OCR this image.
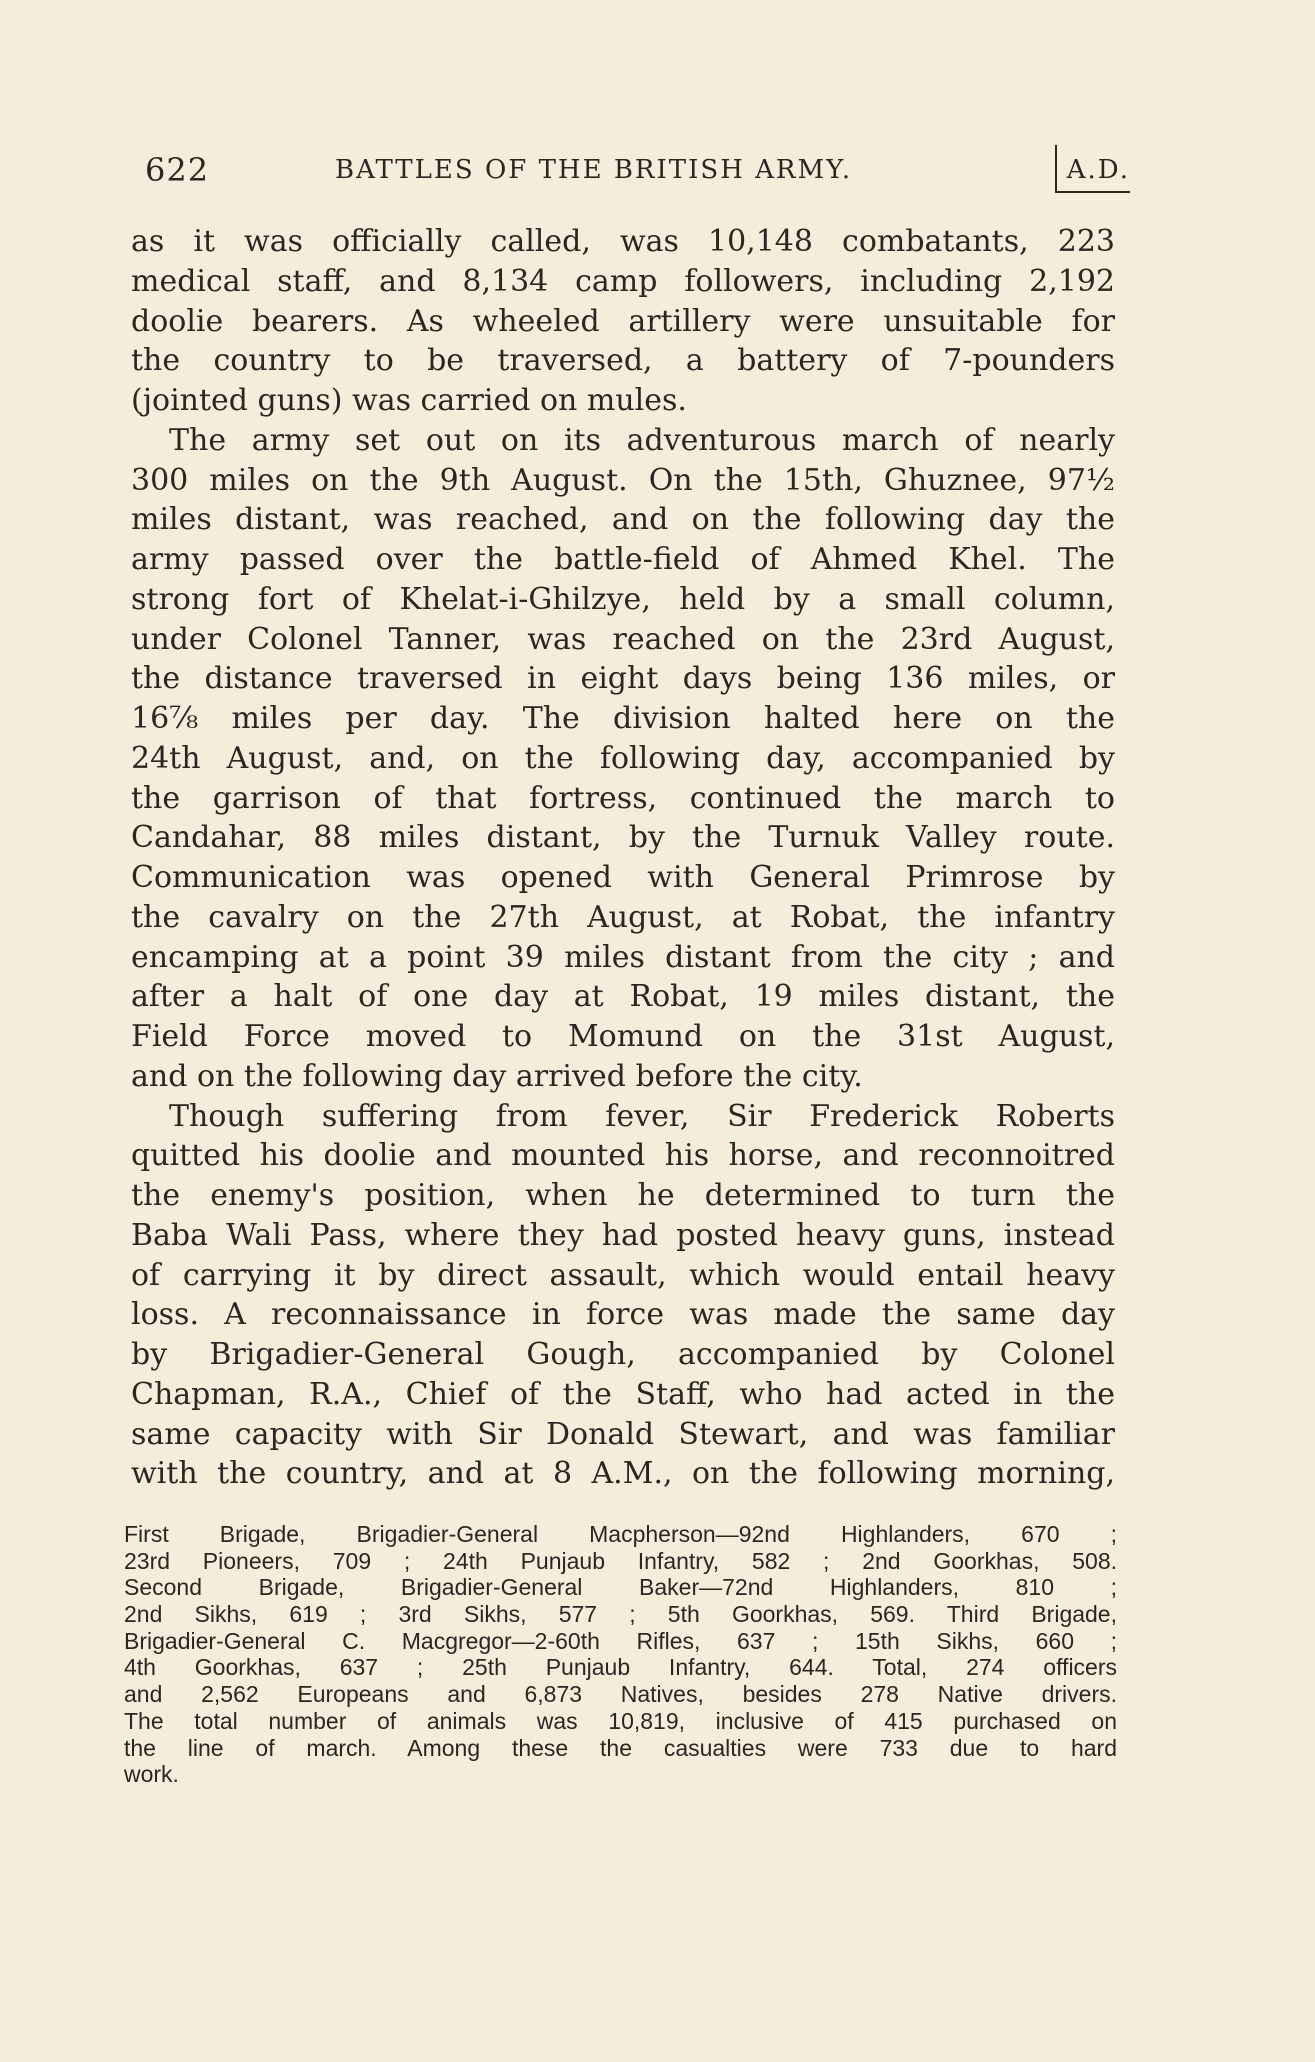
622	BATTLES OF THE BRITISH ARMY.	A.D.
as it was officially called, was 10,148 combatants, 223
medical staff, and 8,134 camp followers, including 2,192
doolie bearers. As wheeled artillery were unsuitable for
the country to be traversed, a battery of 7-pounders
(jointed guns) was carried on mules.
The army set out on its adventurous march of nearly
300 miles on the 9th August. On the 15th, Ghuznee, 97½
miles distant, was reached, and on the following day the
army passed over the battle-field of Ahmed Khel. The
strong fort of Khelat-i-Ghilzye, held by a small column,
under Colonel Tanner, was reached on the 23rd August,
the distance traversed in eight days being 136 miles, or
16⅞ miles per day. The division halted here on the
24th August, and, on the following day, accompanied by
the garrison of that fortress, continued the march to
Candahar, 88 miles distant, by the Turnuk Valley route.
Communication was opened with General Primrose by
the cavalry on the 27th August, at Robat, the infantry
encamping at a point 39 miles distant from the city ; and
after a halt of one day at Robat, 19 miles distant, the
Field Force moved to Momund on the 31st August,
and on the following day arrived before the city.
Though suffering from fever, Sir Frederick Roberts
quitted his doolie and mounted his horse, and reconnoitred
the enemy's position, when he determined to turn the
Baba Wali Pass, where they had posted heavy guns, instead
of carrying it by direct assault, which would entail heavy
loss. A reconnaissance in force was made the same day
by Brigadier-General Gough, accompanied by Colonel
Chapman, R.A., Chief of the Staff, who had acted in the
same capacity with Sir Donald Stewart, and was familiar
with the country, and at 8 A.M., on the following morning,
First Brigade, Brigadier-General Macpherson—92nd Highlanders, 670 ;
23rd Pioneers, 709 ; 24th Punjaub Infantry, 582 ; 2nd Goorkhas, 508.
Second Brigade, Brigadier-General Baker—72nd Highlanders, 810 ;
2nd Sikhs, 619 ; 3rd Sikhs, 577 ; 5th Goorkhas, 569. Third Brigade,
Brigadier-General C. Macgregor—2-60th Rifles, 637 ; 15th Sikhs, 660 ;
4th Goorkhas, 637 ; 25th Punjaub Infantry, 644. Total, 274 officers
and 2,562 Europeans and 6,873 Natives, besides 278 Native drivers.
The total number of animals was 10,819, inclusive of 415 purchased on
the line of march. Among these the casualties were 733 due to hard
work.
